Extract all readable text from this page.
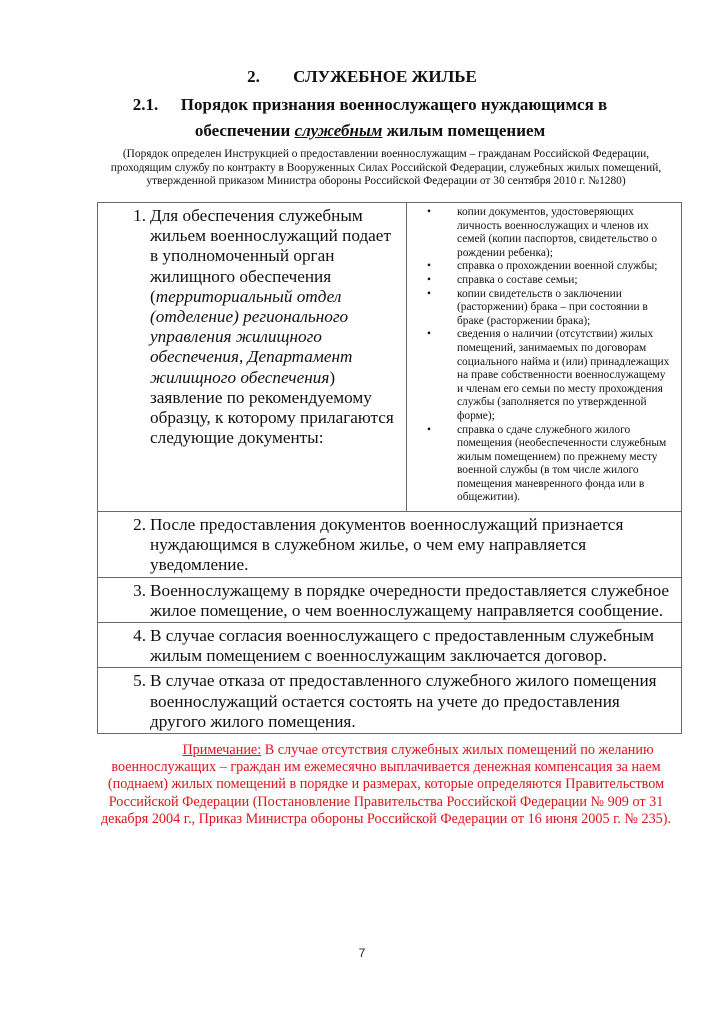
2. СЛУЖЕБНОЕ ЖИЛЬЕ
2.1. Порядок признания военнослужащего нуждающимся в обеспечении служебным жилым помещением
(Порядок определен Инструкцией о предоставлении военнослужащим – гражданам Российской Федерации, проходящим службу по контракту в Вооруженных Силах Российской Федерации, служебных жилых помещений, утвержденной приказом Министра обороны Российской Федерации от 30 сентября 2010 г. №1280)
1. Для обеспечения служебным жильем военнослужащий подает в уполномоченный орган жилищного обеспечения (территориальный отдел (отделение) регионального управления жилищного обеспечения, Департамент жилищного обеспечения) заявление по рекомендуемому образцу, к которому прилагаются следующие документы:

• копии документов, удостоверяющих личность военнослужащих и членов их семей (копии паспортов, свидетельство о рождении ребенка);
• справка о прохождении военной службы;
• справка о составе семьи;
• копии свидетельств о заключении (расторжении) брака – при состоянии в браке (расторжении брака);
• сведения о наличии (отсутствии) жилых помещений, занимаемых по договорам социального найма и (или) принадлежащих на праве собственности военнослужащему и членам его семьи по месту прохождения службы (заполняется по утвержденной форме);
• справка о сдаче служебного жилого помещения (необеспеченности служебным жилым помещением) по прежнему месту военной службы (в том числе жилого помещения маневренного фонда или в общежитии).

2. После предоставления документов военнослужащий признается нуждающимся в служебном жилье, о чем ему направляется уведомление.

3. Военнослужащему в порядке очередности предоставляется служебное жилое помещение, о чем военнослужащему направляется сообщение.

4. В случае согласия военнослужащего с предоставленным служебным жилым помещением с военнослужащим заключается договор.

5. В случае отказа от предоставленного служебного жилого помещения военнослужащий остается состоять на учете до предоставления другого жилого помещения.
Примечание: В случае отсутствия служебных жилых помещений по желанию военнослужащих – граждан им ежемесячно выплачивается денежная компенсация за наем (поднаем) жилых помещений в порядке и размерах, которые определяются Правительством Российской Федерации (Постановление Правительства Российской Федерации № 909 от 31 декабря 2004 г., Приказ Министра обороны Российской Федерации от 16 июня 2005 г. № 235).
7
